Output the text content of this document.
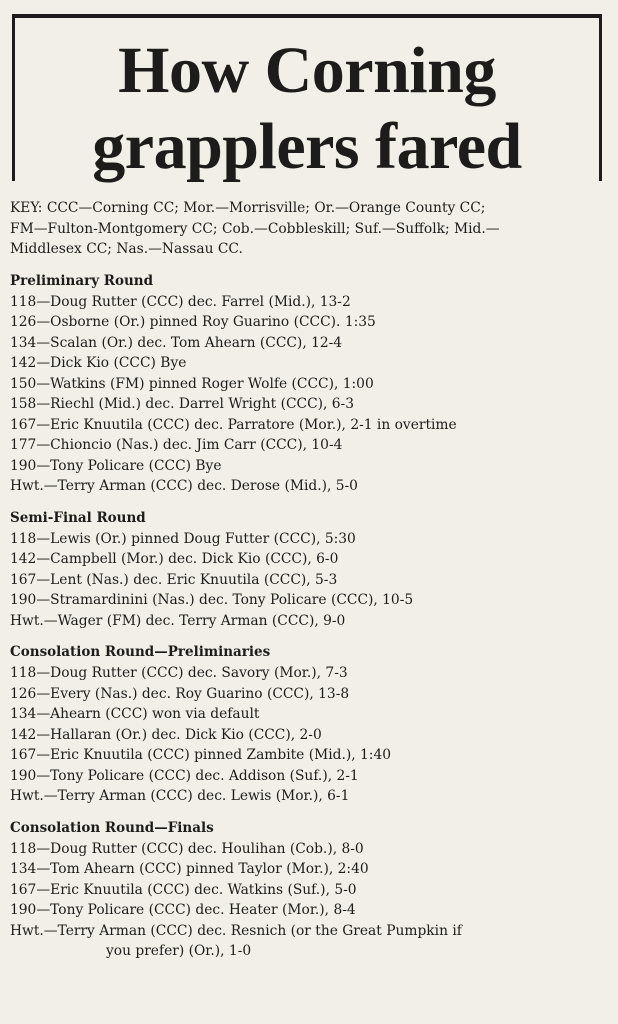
How Corning
grapplers fared

KEY: CCC—Corning CC; Mor.—Morrisville; Or.—Orange County CC;

FM—Fulton-Montgomery CC; Cob.—Cobbleskill; Suf.—Suffolk; Mid.—

Middlesex CC; Nas.—Nassau CC.

Preliminary Round

118—Doug Rutter (CCC) dec. Farrel (Mid.), 13-2

126—Osborne (Or.) pinned Roy Guarino (CCC). 1:35

134—Scalan (Or.) dec. Tom Ahearn (CCC), 12-4

142—Dick Kio (CCC) Bye

150—Watkins (FM) pinned Roger Wolfe (CCC), 1:00

158—Riechl (Mid.) dec. Darrel Wright (CCC), 6-3

167—Eric Knuutila (CCC) dec. Parratore (Mor.), 2-1 in overtime

177—Chioncio (Nas.) dec. Jim Carr (CCC), 10-4

190—Tony Policare (CCC) Bye

Hwt.—Terry Arman (CCC) dec. Derose (Mid.), 5-0

Semi-Final Round

118—Lewis (Or.) pinned Doug Futter (CCC), 5:30

142—Campbell (Mor.) dec. Dick Kio (CCC), 6-0

167—Lent (Nas.) dec. Eric Knuutila (CCC), 5-3

190—Stramardinini (Nas.) dec. Tony Policare (CCC), 10-5

Hwt.—Wager (FM) dec. Terry Arman (CCC), 9-0

Consolation Round—Preliminaries

118—Doug Rutter (CCC) dec. Savory (Mor.), 7-3

126—Every (Nas.) dec. Roy Guarino (CCC), 13-8

134—Ahearn (CCC) won via default

142—Hallaran (Or.) dec. Dick Kio (CCC), 2-0

167—Eric Knuutila (CCC) pinned Zambite (Mid.), 1:40

190—Tony Policare (CCC) dec. Addison (Suf.), 2-1

Hwt.—Terry Arman (CCC) dec. Lewis (Mor.), 6-1

Consolation Round—Finals

118—Doug Rutter (CCC) dec. Houlihan (Cob.), 8-0

134—Tom Ahearn (CCC) pinned Taylor (Mor.), 2:40

167—Eric Knuutila (CCC) dec. Watkins (Suf.), 5-0

190—Tony Policare (CCC) dec. Heater (Mor.), 8-4

Hwt.—Terry Arman (CCC) dec. Resnich (or the Great Pumpkin if

you prefer) (Or.), 1-0
